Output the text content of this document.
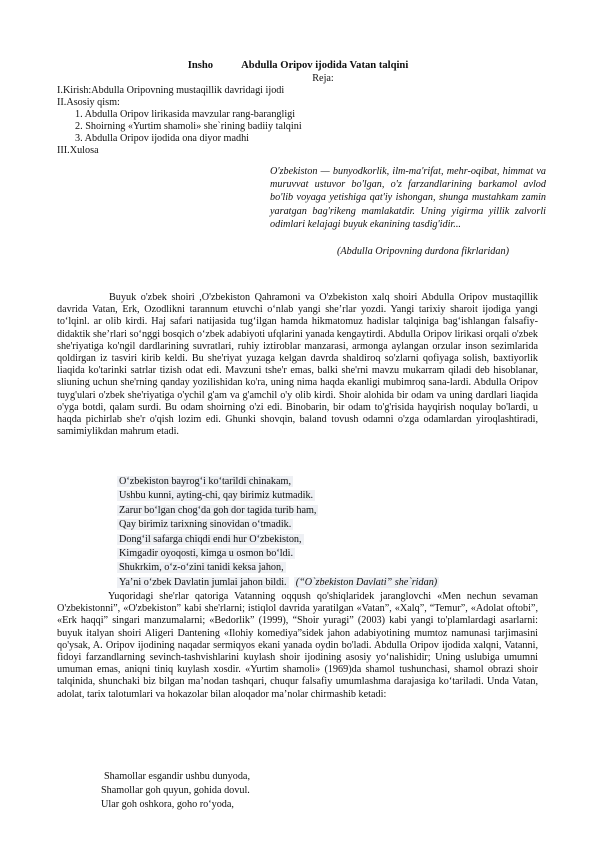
Insho	Abdulla Oripov ijodida Vatan talqini
Reja:
I.Kirish:Abdulla Oripovning mustaqillik davridagi ijodi
II.Asosiy qism:
1. Abdulla Oripov lirikasida mavzular rang-barangligi
2. Shoirning «Yurtim shamoli» she`rining badiiy talqini
3. Abdulla Oripov ijodida ona diyor madhi
III.Xulosa
O'zbekiston — bunyodkorlik, ilm-ma'rifat, mehr-oqibat, himmat va muruvvat ustuvor bo'lgan, o'z farzandlarining barkamol avlod bo'lib voyaga yetishiga qat'iy ishongan, shunga mustahkam zamin yaratgan bag'rikeng mamlakatdir. Uning yigirma yillik zalvorli odimlari kelajagi buyuk ekanining tasdig'idir...
(Abdulla Oripovning durdona fikrlaridan)
Buyuk o'zbek shoiri ,O'zbekiston Qahramoni va O'zbekiston xalq shoiri Abdulla Oripov mustaqillik davrida Vatan, Erk, Ozodlikni tarannum etuvchi o‘nlab yangi she’rlar yozdi. Yangi tarixiy sharoit ijodiga yangi to‘lqinl. ar olib kirdi. Haj safari natijasida tug‘ilgan hamda hikmatomuz hadislar talqiniga bag‘ishlangan falsafiy-didaktik she’rlari so‘nggi bosqich o‘zbek adabiyoti ufqlarini yanada kengaytirdi. Abdulla Oripov lirikasi orqali o'zbek she'riyatiga ko'ngil dardlarining suvratlari, ruhiy iztiroblar manzarasi, armonga aylangan orzular inson sezimlarida qoldirgan iz tasviri kirib keldi. Bu she'riyat yuzaga kelgan davrda shaldiroq so'zlarni qofiyaga solish, baxtiyorlik liaqida ko'tarinki satrlar tizish odat edi. Mavzuni tshe'r emas, balki she'rni mavzu mukarram qiladi deb hisoblanar, sliuning uchun she'rning qanday yozilishidan ko'ra, uning nima haqda ekanligi mubimroq sana-lardi. Abdulla Oripov tuyg'ulari o'zbek she'riyatiga o'ychil g'am va g'amchil o'y olib kirdi. Shoir alohida bir odam va uning dardlari liaqida o'yga botdi, qalam surdi. Bu odam shoirning o'zi edi. Binobarin, bir odam to'g'risida hayqirish noqulay bo'lardi, u haqda pichirlab she'r o'qish lozim edi. Ghunki shovqin, baland tovush odamni o'zga odamlardan yiroqlashtiradi, samimiylikdan mahrum etadi.
O‘zbekiston bayrog‘i ko‘tarildi chinakam,
Ushbu kunni, ayting-chi, qay birimiz kutmadik.
Zarur bo‘lgan chog‘da goh dor tagida turib ham,
Qay birimiz tarixning sinovidan o‘tmadik.
Dong‘il safarga chiqdi endi hur O‘zbekiston,
Kimgadir oyoqosti, kimga u osmon bo‘ldi.
Shukrkim, o‘z-o‘zini tanidi keksa jahon,
Ya’ni o‘zbek Davlatin jumlai jahon bildi. (“O`zbekiston Davlati” she`ridan)
Yuqoridagi she'rlar qatoriga Vatanning oqqush qo'shiqlaridek jaranglovchi «Men nechun sevaman O'zbekistonni”, «O'zbekiston” kabi she'rlarni; istiqlol davrida yaratilgan «Vatan”, «Xalq”, “Temur”, «Adolat oftobi”, «Erk haqqi” singari manzumalarni; «Bedorlik” (1999), “Shoir yuragi” (2003) kabi yangi to'plamlardagi asarlarni: buyuk italyan shoiri Aligeri Dantening «Ilohiy komediya”sidek jahon adabiyotining mumtoz namunasi tarjimasini qo'ysak, A. Oripov ijodining naqadar sermiqyos ekani yanada oydin bo'ladi. Abdulla Oripov ijodida xalqni, Vatanni, fidoyi farzandlarning sevinch-tashvishlarini kuylash shoir ijodining asosiy yo‘nalishidir; Uning uslubiga umumni umuman emas, aniqni tiniq kuylash xosdir. «Yurtim shamoli» (1969)da shamol tushunchasi, shamol obrazi shoir talqinida, shunchaki biz bilgan ma’nodan tashqari, chuqur falsafiy umumlashma darajasiga ko‘tariladi. Unda Vatan, adolat, tarix talotumlari va hokazolar bilan aloqador ma’nolar chirmashib ketadi:
Shamollar esgandir ushbu dunyoda,
Shamollar goh quyun, gohida dovul.
Ular goh oshkora, goho ro‘yoda,
